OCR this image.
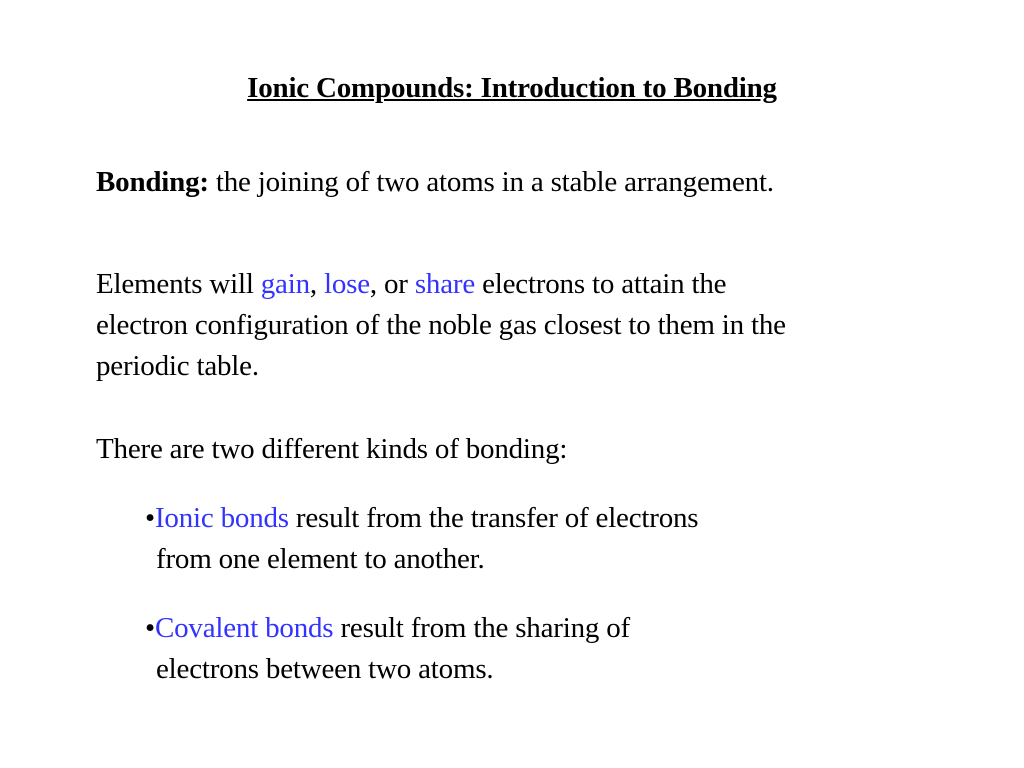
Ionic Compounds: Introduction to Bonding
Bonding: the joining of two atoms in a stable arrangement.
Elements will gain, lose, or share electrons to attain the
electron configuration of the noble gas closest to them in the
periodic table.
There are two different kinds of bonding:
•Ionic bonds result from the transfer of electrons
from one element to another.
•Covalent bonds result from the sharing of
electrons between two atoms.
